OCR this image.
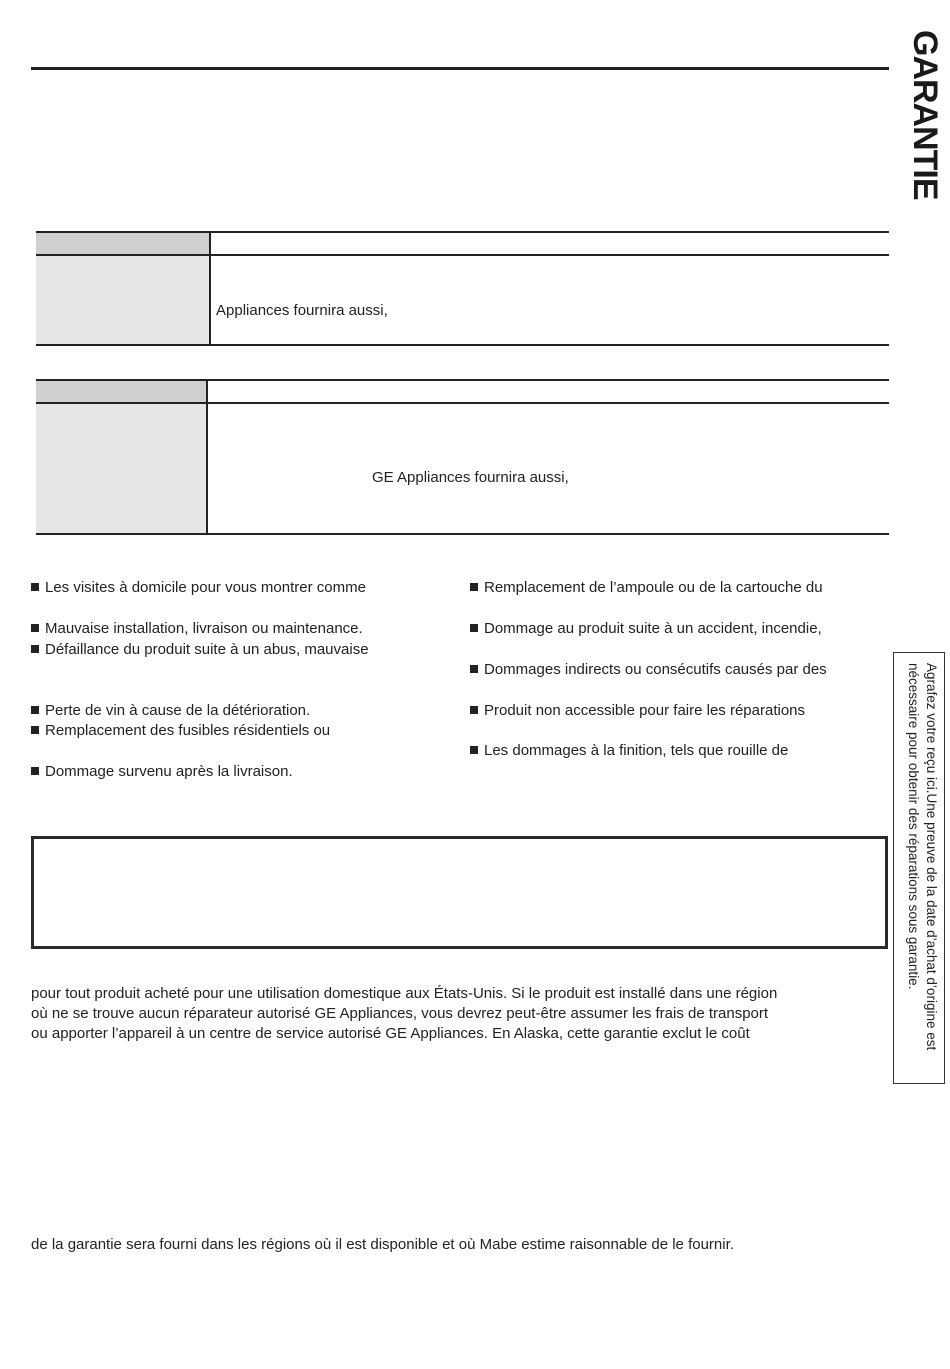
GARANTIE
Appliances fournira aussi,
GE Appliances fournira aussi,
Les visites à domicile pour vous montrer comme
Mauvaise installation, livraison ou maintenance.
Défaillance du produit suite à un abus, mauvaise
Perte de vin à cause de la détérioration.
Remplacement des fusibles résidentiels ou
Dommage survenu après la livraison.
Remplacement de l’ampoule ou de la cartouche du
Dommage au produit suite à un accident, incendie,
Dommages indirects ou consécutifs causés par des
Produit non accessible pour faire les réparations
Les dommages à la finition, tels que rouille de	Agrafez votre reçu ici.Une preuve de la date d’achat d’origine est nécessaire pour obtenir des réparations sous garantie.
pour tout produit acheté pour une utilisation domestique aux États-Unis. Si le produit est installé dans une région
où ne se trouve aucun réparateur autorisé GE Appliances, vous devrez peut-être assumer les frais de transport
ou apporter l’appareil à un centre de service autorisé GE Appliances. En Alaska, cette garantie exclut le coût
de la garantie sera fourni dans les régions où il est disponible et où Mabe estime raisonnable de le fournir.
